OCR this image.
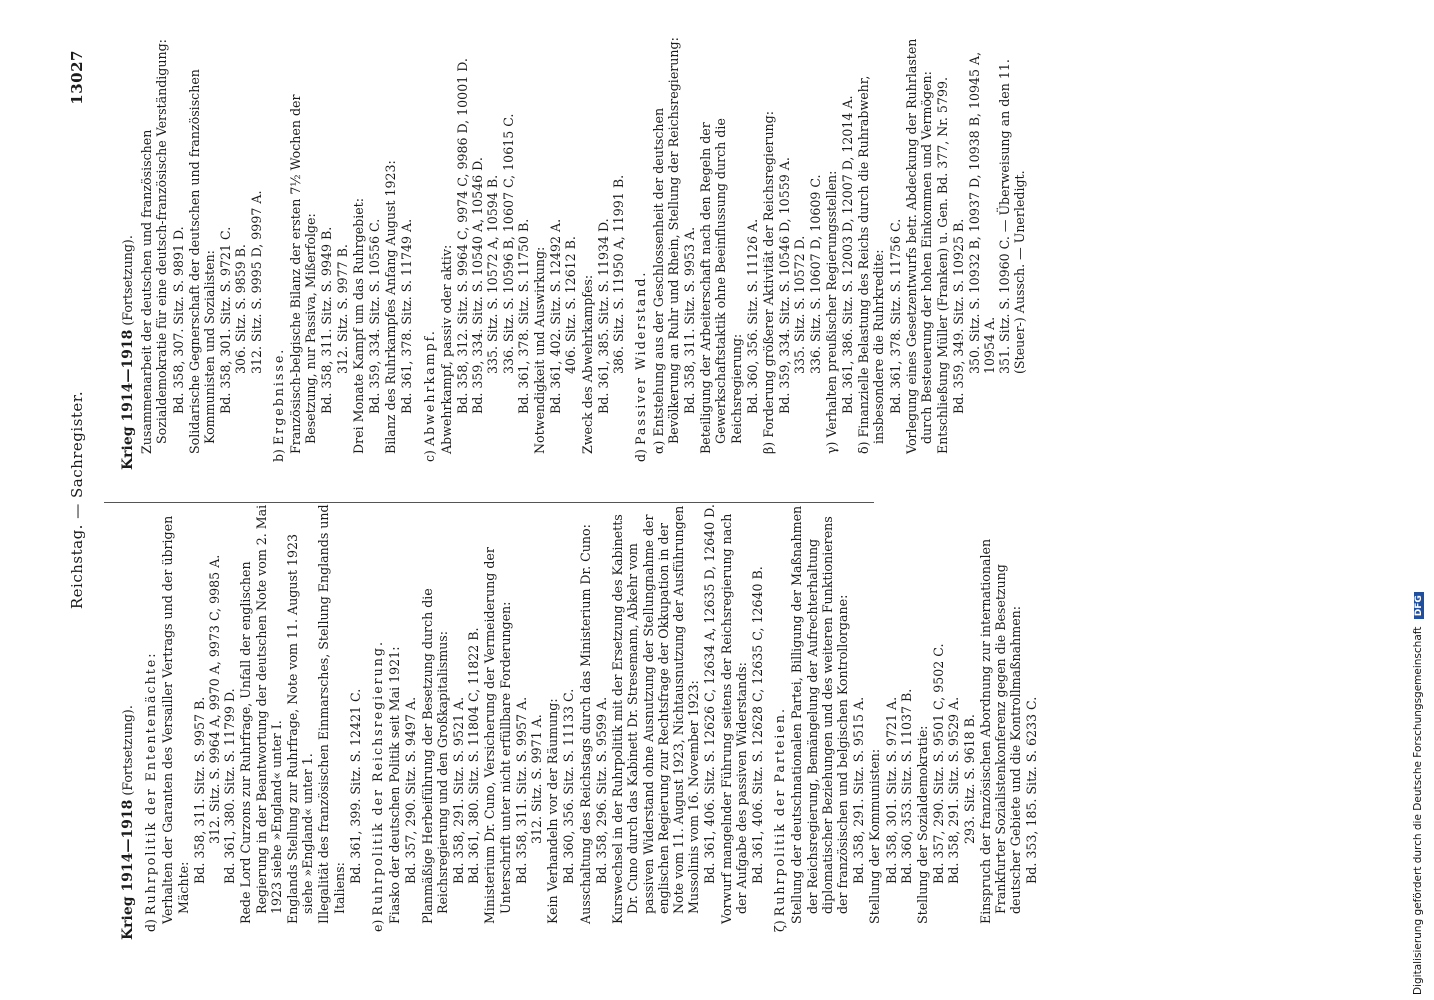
Reichstag. — Sachregister.
13027
Krieg 1914—1918 (Fortsetzung).
d) Ruhrpolitik der Ententemächte: Verhalten der Garanten des Versailler Vertrags und der übrigen Mächte:
Bd. 358, 311. Sitz. S. 9957 B. 312. Sitz. S. 9964 A, 9970 A, 9973 C, 9985 A. Bd. 361, 380. Sitz. S. 11799 D. Rede Lord Curzons zur Ruhrfrage, Unfall der englischen Regierung in der Beantwortung der deutschen Note vom 2. Mai 1923 siehe »England« unter I. Englands Stellung zur Ruhrfrage, Note vom 11. August 1923 siehe »England« unter 1. Illegalität des französischen Einmarsches, Stellung Englands und Italiens:
Bd. 361, 399. Sitz. S. 12421 C.
e) Ruhrpolitik der Reichsregierung. Fiasko der deutschen Politik seit Mai 1921: Bd. 357, 290. Sitz. S. 9497 A. Planmäßige Herbeiführung der Besetzung durch die Reichsregierung und den Großkapitalismus: Bd. 358, 291. Sitz. S. 9521 A. Bd. 361, 380. Sitz. S. 11804 C, 11822 B. Ministerium Dr. Cuno, Versicherung der Vermeiderung der Unterschrift unter nicht erfüllbare Forderungen: Bd. 358, 311. Sitz. S. 9957 A. 312. Sitz. S. 9971 A. Kein Verhandeln vor der Räumung: Bd. 360, 356. Sitz. S. 11133 C. Ausschaltung des Reichstags durch das Ministerium Dr. Cuno: Bd. 358, 296. Sitz. S. 9599 A. Kurswechsel in der Ruhrpolitik mit der Ersetzung des Kabinetts Dr. Cuno durch das Kabinett Dr. Stresemann, Abkehr vom passiven Widerstand ohne Ausnutzung der Stellungnahme der englischen Regierung zur Rechtsfrage der Okkupation in der Note vom 11. August 1923, Nichtausnutzung der Ausführungen Mussolinis vom 16. November 1923: Bd. 361, 406. Sitz. S. 12626 C, 12634 A, 12635 D, 12640 D. Vorwurf mangelnder Führung seitens der Reichsregierung nach der Aufgabe des passiven Widerstands: Bd. 361, 406. Sitz. S. 12628 C, 12635 C, 12640 B.
ζ) Ruhrpolitik der Parteien. Stellung der deutschnationalen Partei, Billigung der Maßnahmen der Reichsregierung, Bemängelung der Aufrechterhaltung diplomatischer Beziehungen und des weiteren Funktionierens der französischen und belgischen Kontrollorgane: Bd. 358, 291. Sitz. S. 9515 A. Stellung der Kommunisten: Bd. 358, 301. Sitz. S. 9721 A. Bd. 360, 353. Sitz. S. 11037 B. Stellung der Sozialdemokratie: Bd. 357, 290. Sitz. S. 9501 C, 9502 C. Bd. 358, 291. Sitz. S. 9529 A. 293. Sitz. S. 9618 B. Einspruch der französischen Abordnung zur internationalen Frankfurter Sozialistenkonferenz gegen die Besetzung deutscher Gebiete und die Kontrollmaßnahmen: Bd. 353, 185. Sitz. S. 6233 C.
Krieg 1914—1918 (Fortsetzung). Zusammenarbeit der deutschen und französischen Sozialdemokratie für eine deutsch-französische Verständigung: Bd. 358, 307. Sitz. S. 9891 D. Solidarische Gegnerschaft der deutschen und französischen Kommunisten und Sozialisten: Bd. 358, 301. Sitz. S. 9721 C. 306. Sitz. S. 9859 B. 312. Sitz. S. 9995 D, 9997 A.
b) Ergebnisse. Französisch-belgische Bilanz der ersten 7½ Wochen der Besetzung, nur Passiva, Mißerfolge: Bd. 358, 311. Sitz. S. 9949 B. 312. Sitz. S. 9977 B. Drei Monate Kampf um das Ruhrgebiet: Bd. 359, 334. Sitz. S. 10556 C. Bilanz des Ruhrkampfes Anfang August 1923: Bd. 361, 378. Sitz. S. 11749 A.
c) Abwehrkampf. Abwehrkampf, passiv oder aktiv: Bd. 358, 312. Sitz. S. 9964 C, 9974 C, 9986 D, 10001 D. Bd. 359, 334. Sitz. S. 10540 A, 10546 D. 335. Sitz. S. 10572 A, 10594 B. 336. Sitz. S. 10596 B, 10607 C, 10615 C. Bd. 361, 378. Sitz. S. 11750 B. Notwendigkeit und Auswirkung: Bd. 361, 402. Sitz. S. 12492 A. 406. Sitz. S. 12612 B. Zweck des Abwehrkampfes: Bd. 361, 385. Sitz. S. 11934 D. 386. Sitz. S. 11950 A, 11991 B.
d) Passiver Widerstand. α) Entstehung aus der Geschlossenheit der deutschen Bevölkerung an Ruhr und Rhein, Stellung der Reichsregierung: Bd. 358, 311. Sitz. S. 9953 A. Beteiligung der Arbeiterschaft nach den Regeln der Gewerkschaftstaktik ohne Beeinflussung durch die Reichsregierung: Bd. 360, 356. Sitz. S. 11126 A. β) Forderung größerer Aktivität der Reichsregierung: Bd. 359, 334. Sitz. S. 10546 D, 10559 A. 335. Sitz. S. 10572 D. 336. Sitz. S. 10607 D, 10609 C. γ) Verhalten preußischer Regierungsstellen: Bd. 361, 386. Sitz. S. 12003 D, 12007 D, 12014 A. δ) Finanzielle Belastung des Reichs durch die Ruhrabwehr, insbesondere die Ruhrkredite: Bd. 361, 378. Sitz. S. 11756 C. Vorlegung eines Gesetzentwurfs betr. Abdeckung der Ruhrlasten durch Besteuerung der hohen Einkommen und Vermögen: Entschließung Müller (Franken) u. Gen. Bd. 377, Nr. 5799. Bd. 359, 349. Sitz. S. 10925 B. 350. Sitz. S. 10932 B, 10937 D, 10938 B, 10945 A, 10954 A. 351. Sitz. S. 10960 C. — Überweisung an den 11. (Steuer-) Aussch. — Unerledigt.
Digitalisierung gefördert durch die Deutsche Forschungsgemeinschaft DFG
